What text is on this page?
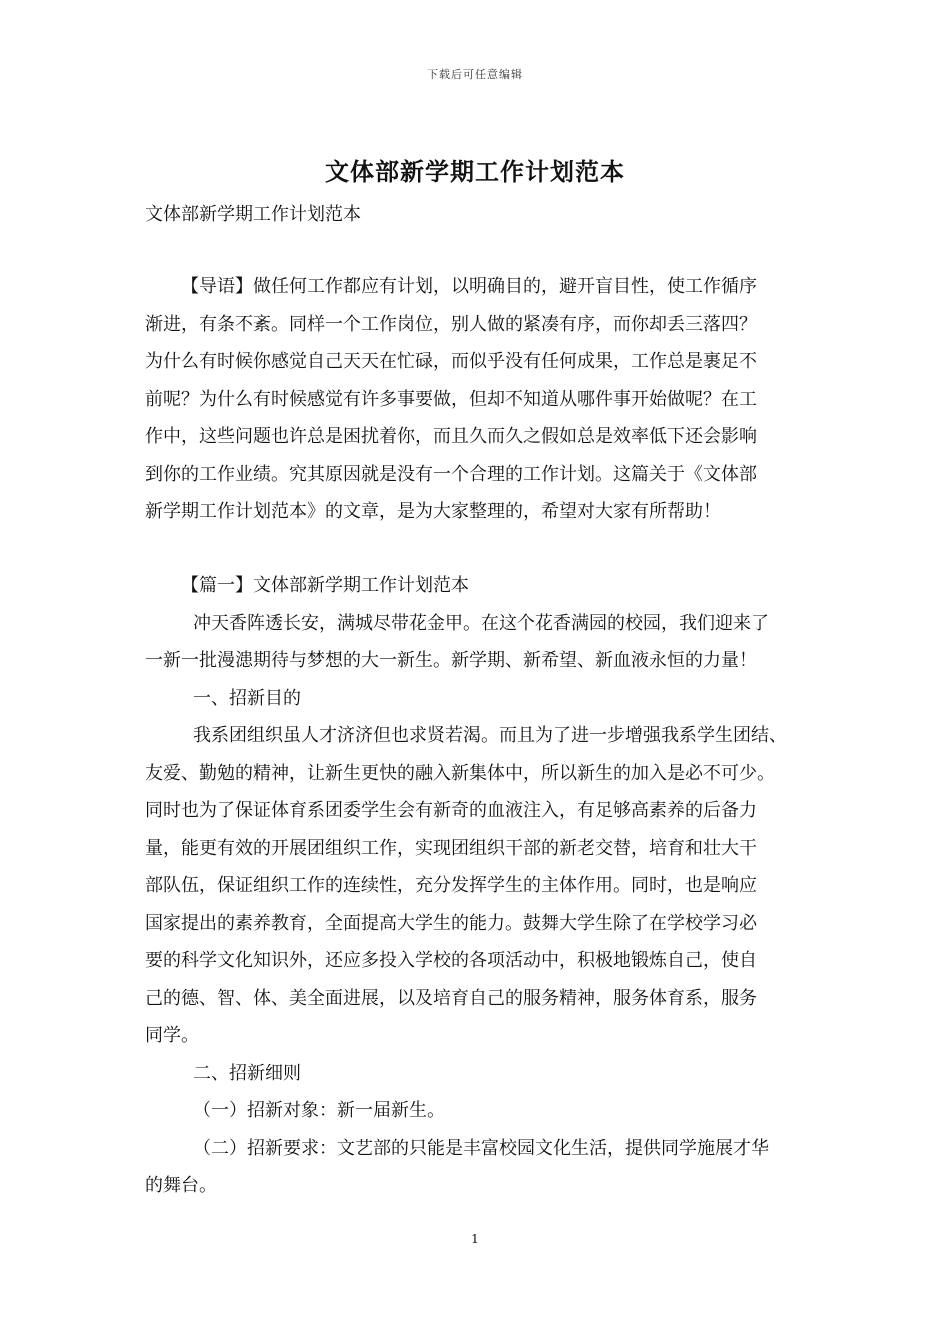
下载后可任意编辑
文体部新学期工作计划范本
文体部新学期工作计划范本
【导语】做任何工作都应有计划，以明确目的，避开盲目性，使工作循序
渐进，有条不紊。同样一个工作岗位，别人做的紧凑有序，而你却丢三落四？
为什么有时候你感觉自己天天在忙碌，而似乎没有任何成果，工作总是裹足不
前呢？为什么有时候感觉有许多事要做，但却不知道从哪件事开始做呢？在工
作中，这些问题也许总是困扰着你，而且久而久之假如总是效率低下还会影响
到你的工作业绩。究其原因就是没有一个合理的工作计划。这篇关于《文体部
新学期工作计划范本》的文章，是为大家整理的，希望对大家有所帮助！
【篇一】文体部新学期工作计划范本
冲天香阵透长安，满城尽带花金甲。在这个花香满园的校园，我们迎来了
一新一批漫漶期待与梦想的大一新生。新学期、新希望、新血液永恒的力量！
一、招新目的
我系团组织虽人才济济但也求贤若渴。而且为了进一步增强我系学生团结、
友爱、勤勉的精神，让新生更快的融入新集体中，所以新生的加入是必不可少。
同时也为了保证体育系团委学生会有新奇的血液注入，有足够高素养的后备力
量，能更有效的开展团组织工作，实现团组织干部的新老交替，培育和壮大干
部队伍，保证组织工作的连续性，充分发挥学生的主体作用。同时，也是响应
国家提出的素养教育，全面提高大学生的能力。鼓舞大学生除了在学校学习必
要的科学文化知识外，还应多投入学校的各项活动中，积极地锻炼自己，使自
己的德、智、体、美全面进展，以及培育自己的服务精神，服务体育系，服务
同学。
二、招新细则
（一）招新对象：新一届新生。
（二）招新要求：文艺部的只能是丰富校园文化生活，提供同学施展才华
的舞台。
1
